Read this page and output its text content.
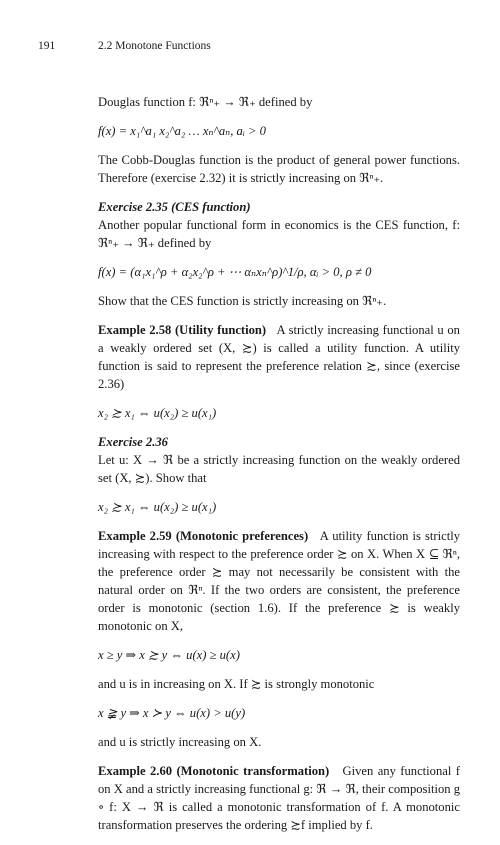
191	2.2 Monotone Functions

Douglas function f: ℜⁿ₊ → ℜ₊ defined by

f(x) = x₁^a₁ x₂^a₂ … xₙ^aₙ, aᵢ > 0

The Cobb-Douglas function is the product of general power functions. Therefore (exercise 2.32) it is strictly increasing on ℜⁿ₊.

Exercise 2.35 (CES function)

Another popular functional form in economics is the CES function, f: ℜⁿ₊ → ℜ₊ defined by

f(x) = (α₁x₁^ρ + α₂x₂^ρ + ⋯ αₙxₙ^ρ)^1/ρ, αᵢ > 0, ρ ≠ 0

Show that the CES function is strictly increasing on ℜⁿ₊.

Example 2.58 (Utility function) A strictly increasing functional u on a weakly ordered set (X, ≿) is called a utility function. A utility function is said to represent the preference relation ≿, since (exercise 2.36)

x₂ ≿ x₁ ⇔ u(x₂) ≥ u(x₁)

Exercise 2.36

Let u: X → ℜ be a strictly increasing function on the weakly ordered set (X, ≿). Show that

x₂ ≿ x₁ ⇔ u(x₂) ≥ u(x₁)

Example 2.59 (Monotonic preferences) A utility function is strictly increasing with respect to the preference order ≿ on X. When X ⊆ ℜⁿ, the preference order ≿ may not necessarily be consistent with the natural order on ℜⁿ. If the two orders are consistent, the preference order is monotonic (section 1.6). If the preference ≿ is weakly monotonic on X,

x ≥ y ⇒ x ≿ y ⇔ u(x) ≥ u(x)

and u is in increasing on X. If ≿ is strongly monotonic

x ≩ y ⇒ x ≻ y ⇔ u(x) > u(y)

and u is strictly increasing on X.

Example 2.60 (Monotonic transformation) Given any functional f on X and a strictly increasing functional g: ℜ → ℜ, their composition g ∘ f: X → ℜ is called a monotonic transformation of f. A monotonic transformation preserves the ordering ≿f implied by f.
